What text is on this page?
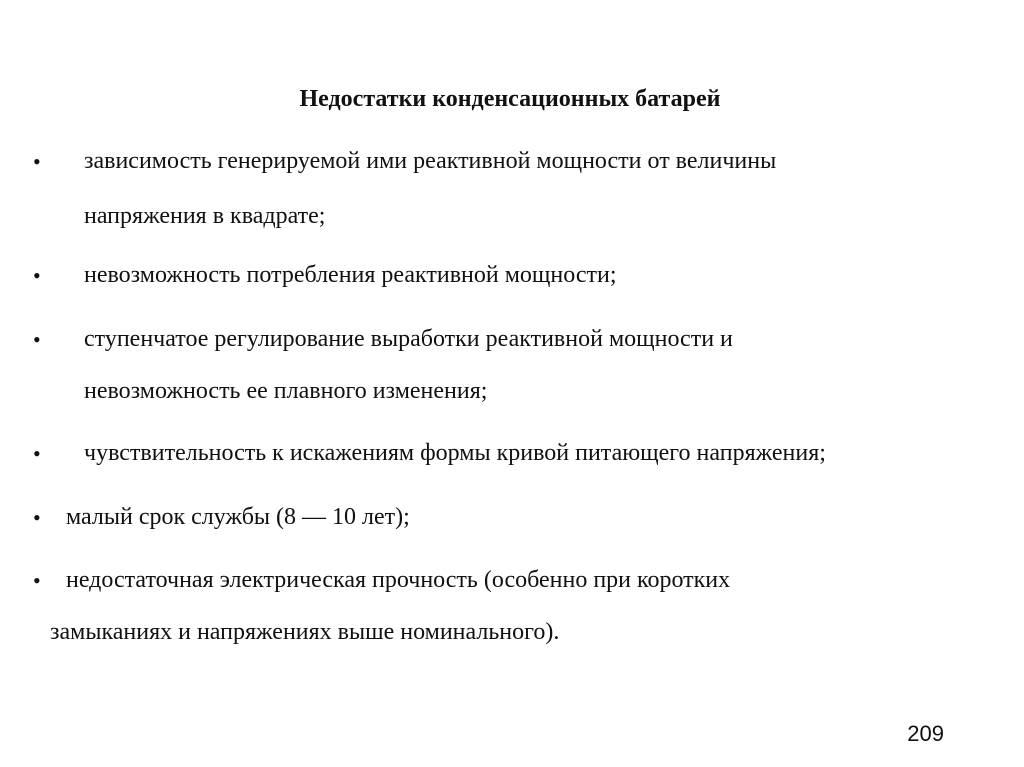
Недостатки конденсационных батарей
• зависимость генерируемой ими реактивной мощности от величины
напряжения в квадрате;
• невозможность потребления реактивной мощности;
• ступенчатое регулирование выработки реактивной мощности и
невозможность ее плавного изменения;
• чувствительность к искажениям формы кривой питающего напряжения;
• малый срок службы (8 — 10 лет);
• недостаточная электрическая прочность (особенно при коротких
замыканиях и напряжениях выше номинального).
209
